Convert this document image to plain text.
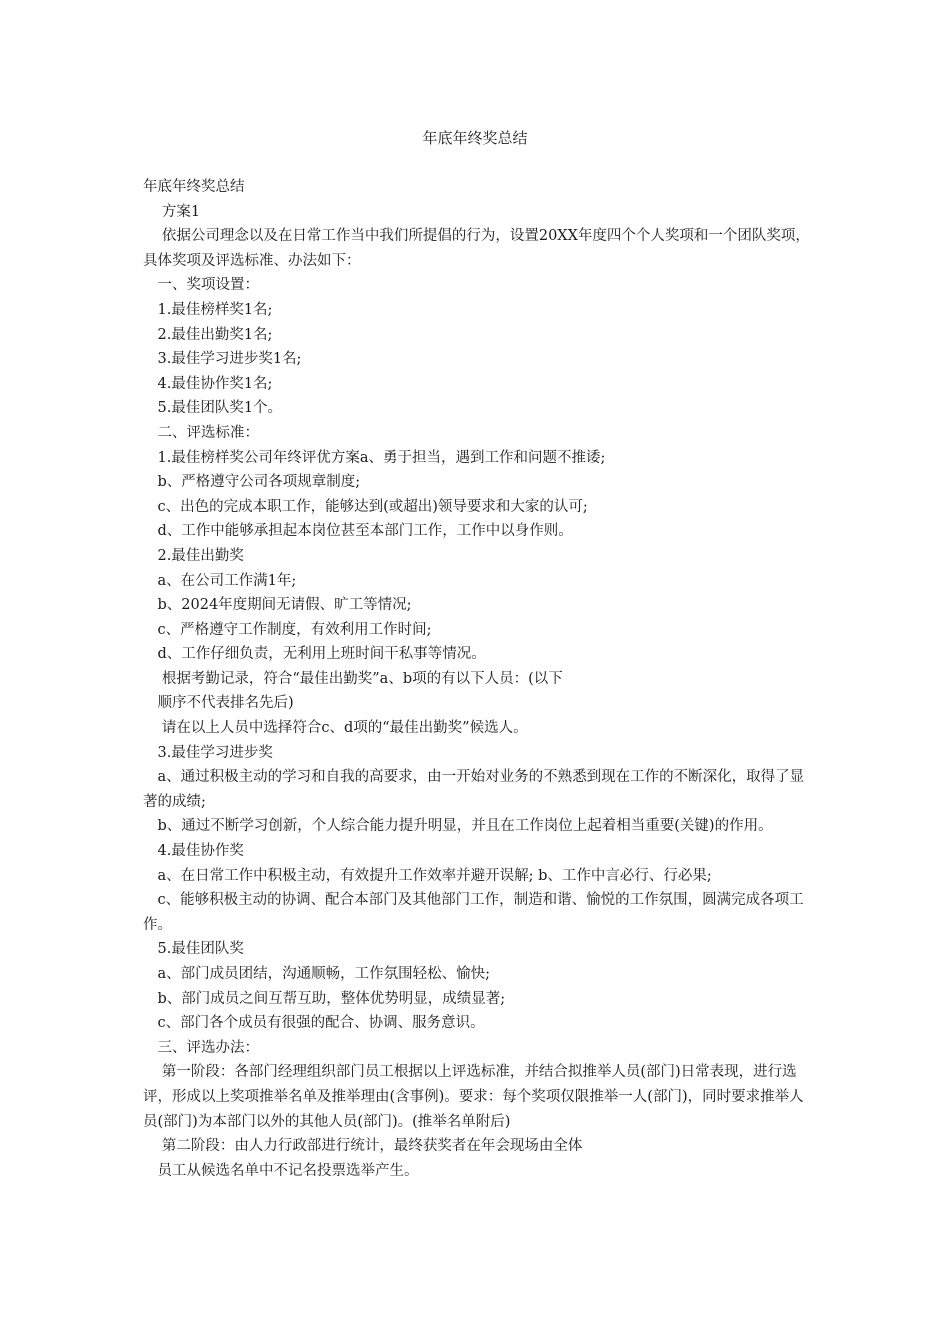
年底年终奖总结

年底年终奖总结

方案1

依据公司理念以及在日常工作当中我们所提倡的行为，设置20XX年度四个个人奖项和一个团队奖项，具体奖项及评选标准、办法如下：

一、奖项设置：

1.最佳榜样奖1名;

2.最佳出勤奖1名;

3.最佳学习进步奖1名;

4.最佳协作奖1名;

5.最佳团队奖1个。

二、评选标准：

1.最佳榜样奖公司年终评优方案a、勇于担当，遇到工作和问题不推诿;

b、严格遵守公司各项规章制度;

c、出色的完成本职工作，能够达到(或超出)领导要求和大家的认可;

d、工作中能够承担起本岗位甚至本部门工作，工作中以身作则。

2.最佳出勤奖

a、在公司工作满1年;

b、2024年度期间无请假、旷工等情况;

c、严格遵守工作制度，有效利用工作时间;

d、工作仔细负责，无利用上班时间干私事等情况。

根据考勤记录，符合“最佳出勤奖”a、b项的有以下人员：(以下

顺序不代表排名先后)

请在以上人员中选择符合c、d项的“最佳出勤奖”候选人。

3.最佳学习进步奖

a、通过积极主动的学习和自我的高要求，由一开始对业务的不熟悉到现在工作的不断深化，取得了显著的成绩;

b、通过不断学习创新，个人综合能力提升明显，并且在工作岗位上起着相当重要(关键)的作用。

4.最佳协作奖

a、在日常工作中积极主动，有效提升工作效率并避开误解; b、工作中言必行、行必果;

c、能够积极主动的协调、配合本部门及其他部门工作，制造和谐、愉悦的工作氛围，圆满完成各项工作。

5.最佳团队奖

a、部门成员团结，沟通顺畅，工作氛围轻松、愉快;

b、部门成员之间互帮互助，整体优势明显，成绩显著;

c、部门各个成员有很强的配合、协调、服务意识。

三、评选办法：

第一阶段：各部门经理组织部门员工根据以上评选标准，并结合拟推举人员(部门)日常表现，进行选评，形成以上奖项推举名单及推举理由(含事例)。要求：每个奖项仅限推举一人(部门)，同时要求推举人员(部门)为本部门以外的其他人员(部门)。(推举名单附后)

第二阶段：由人力行政部进行统计，最终获奖者在年会现场由全体

员工从候选名单中不记名投票选举产生。
